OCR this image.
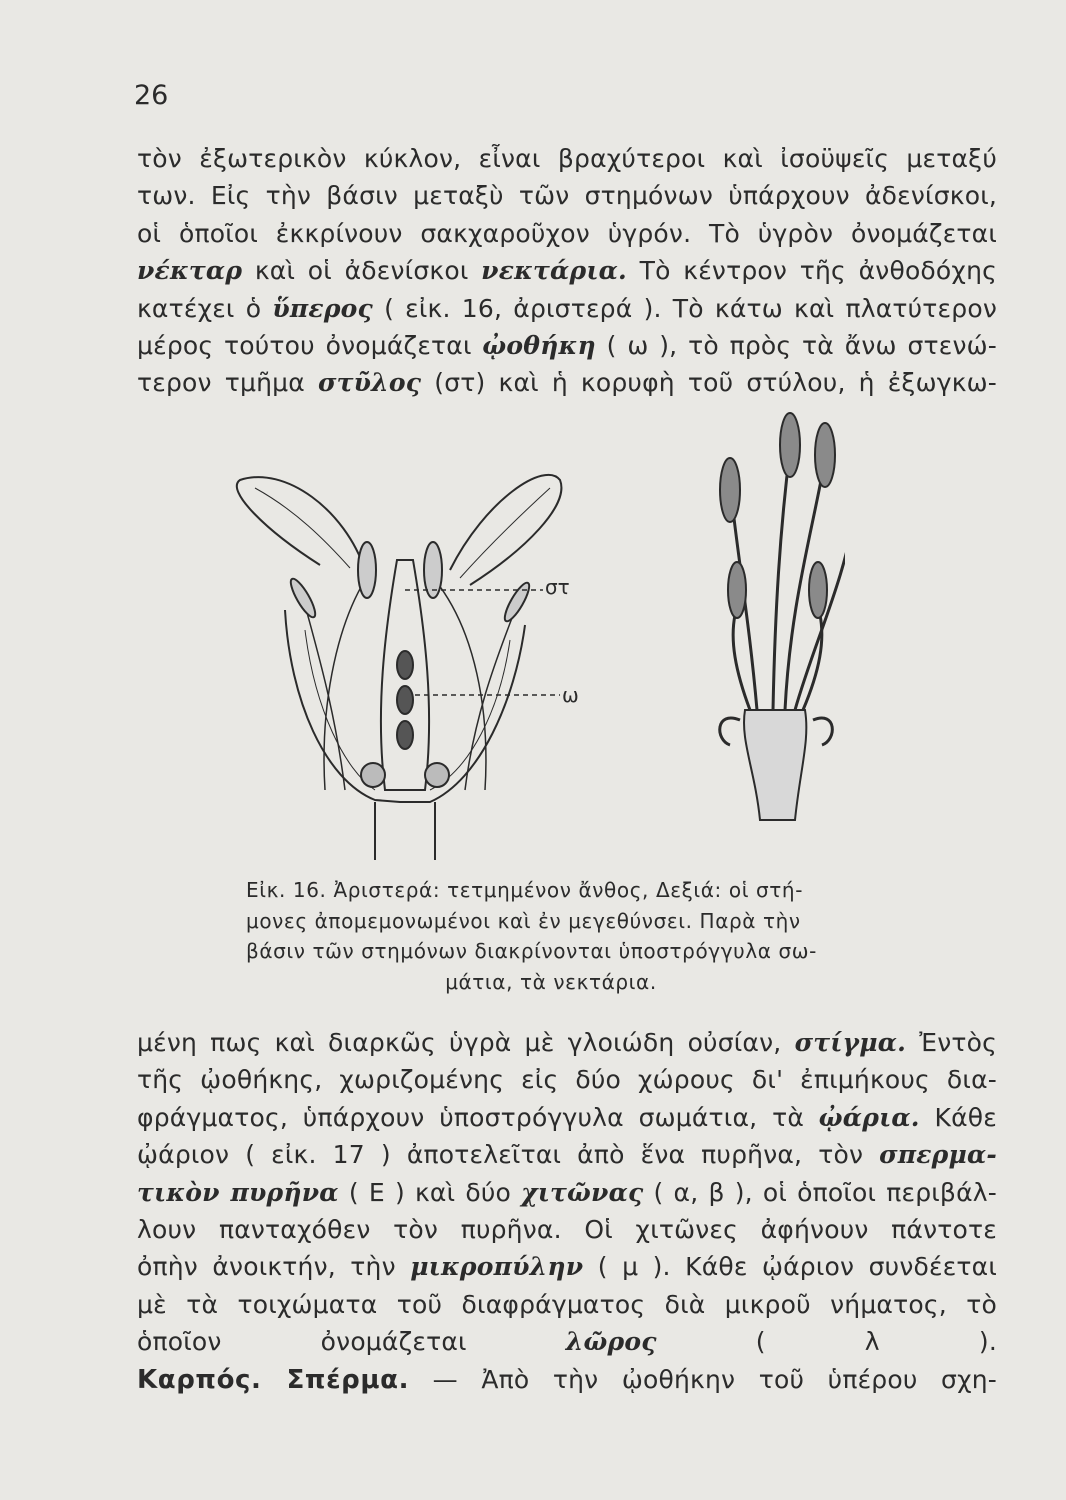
26
τὸν ἐξωτερικὸν κύκλον, εἶναι βραχύτεροι καὶ ἰσοϋψεῖς μεταξύ
των. Εἰς τὴν βάσιν μεταξὺ τῶν στημόνων ὑπάρχουν ἀδενίσκοι,
οἱ ὁποῖοι ἐκκρίνουν σακχαροῦχον ὑγρόν. Τὸ ὑγρὸν ὀνομάζεται
νέκταρ καὶ οἱ ἀδενίσκοι νεκτάρια. Τὸ κέντρον τῆς ἀνθοδόχης
κατέχει ὁ ὕπερος ( εἰκ. 16, ἀριστερά ). Τὸ κάτω καὶ πλατύτερον
μέρος τούτου ὀνομάζεται ᾠοθήκη ( ω ), τὸ πρὸς τὰ ἄνω στενώ-
τερον τμῆμα στῦλος (στ) καὶ ἡ κορυφὴ τοῦ στύλου, ἡ ἐξωγκω-
στ
ω
Εἰκ. 16. Ἀριστερά: τετμημένον ἄνθος, Δεξιά: οἱ στή-
μονες ἀπομεμονωμένοι καὶ ἐν μεγεθύνσει. Παρὰ τὴν
βάσιν τῶν στημόνων διακρίνονται ὑποστρόγγυλα σω-
μάτια, τὰ νεκτάρια.
μένη πως καὶ διαρκῶς ὑγρὰ μὲ γλοιώδη οὐσίαν, στίγμα. Ἐντὸς
τῆς ᾠοθήκης, χωριζομένης εἰς δύο χώρους δι' ἐπιμήκους δια-
φράγματος, ὑπάρχουν ὑποστρόγγυλα σωμάτια, τὰ ᾠάρια. Κάθε
ᾠάριον ( εἰκ. 17 ) ἀποτελεῖται ἀπὸ ἕνα πυρῆνα, τὸν σπερμα-
τικὸν πυρῆνα ( Ε ) καὶ δύο χιτῶνας ( α, β ), οἱ ὁποῖοι περιβάλ-
λουν πανταχόθεν τὸν πυρῆνα. Οἱ χιτῶνες ἀφήνουν πάντοτε
ὀπὴν ἀνοικτήν, τὴν μικροπύλην ( μ ). Κάθε ᾠάριον συνδέεται
μὲ τὰ τοιχώματα τοῦ διαφράγματος διὰ μικροῦ νήματος, τὸ
ὁποῖον ὀνομάζεται λῶρος ( λ ).
Καρπός. Σπέρμα. — Ἀπὸ τὴν ᾠοθήκην τοῦ ὑπέρου σχη-
